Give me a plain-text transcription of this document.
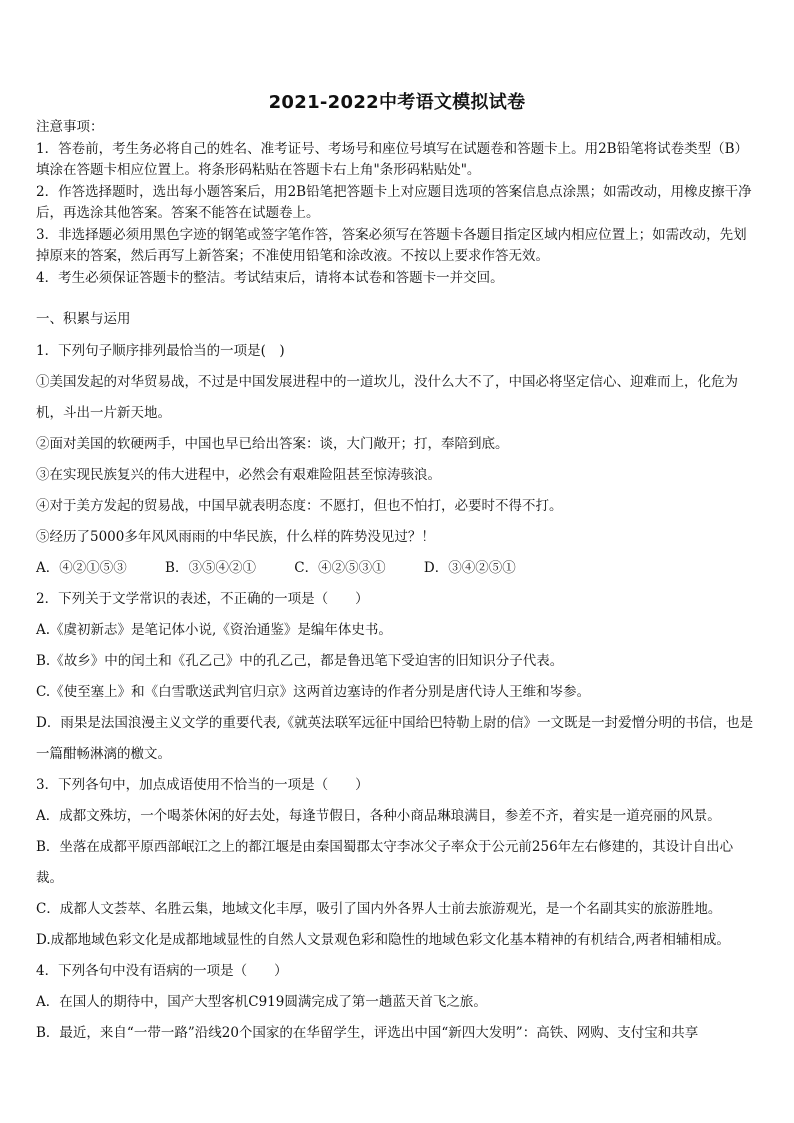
2021-2022中考语文模拟试卷

注意事项：

1．答卷前，考生务必将自己的姓名、准考证号、考场号和座位号填写在试题卷和答题卡上。用2B铅笔将试卷类型（B）填涂在答题卡相应位置上。将条形码粘贴在答题卡右上角"条形码粘贴处"。

2．作答选择题时，选出每小题答案后，用2B铅笔把答题卡上对应题目选项的答案信息点涂黑；如需改动，用橡皮擦干净后，再选涂其他答案。答案不能答在试题卷上。

3．非选择题必须用黑色字迹的钢笔或签字笔作答，答案必须写在答题卡各题目指定区域内相应位置上；如需改动，先划掉原来的答案，然后再写上新答案；不准使用铅笔和涂改液。不按以上要求作答无效。

4．考生必须保证答题卡的整洁。考试结束后，请将本试卷和答题卡一并交回。

一、积累与运用

1．下列句子顺序排列最恰当的一项是(　)

①美国发起的对华贸易战，不过是中国发展进程中的一道坎儿，没什么大不了，中国必将坚定信心、迎难而上，化危为机，斗出一片新天地。

②面对美国的软硬两手，中国也早已给出答案：谈，大门敞开；打，奉陪到底。

③在实现民族复兴的伟大进程中，必然会有艰难险阻甚至惊涛骇浪。

④对于美方发起的贸易战，中国早就表明态度：不愿打，但也不怕打，必要时不得不打。

⑤经历了5000多年风风雨雨的中华民族，什么样的阵势没见过？！

A．④②①⑤③	B．③⑤④②①	C．④②⑤③①	D．③④②⑤①

2．下列关于文学常识的表述，不正确的一项是（　　）

A.《虞初新志》是笔记体小说,《资治通鉴》是编年体史书。

B.《故乡》中的闰土和《孔乙己》中的孔乙己，都是鲁迅笔下受迫害的旧知识分子代表。

C.《使至塞上》和《白雪歌送武判官归京》这两首边塞诗的作者分别是唐代诗人王维和岑参。

D．雨果是法国浪漫主义文学的重要代表,《就英法联军远征中国给巴特勒上尉的信》一文既是一封爱憎分明的书信，也是一篇酣畅淋漓的檄文。

3．下列各句中，加点成语使用不恰当的一项是（　　）

A．成都文殊坊，一个喝茶休闲的好去处，每逢节假日，各种小商品琳琅满目，参差不齐，着实是一道亮丽的风景。

B．坐落在成都平原西部岷江之上的都江堰是由秦国蜀郡太守李冰父子率众于公元前256年左右修建的，其设计自出心裁。

C．成都人文荟萃、名胜云集，地域文化丰厚，吸引了国内外各界人士前去旅游观光，是一个名副其实的旅游胜地。

D.成都地域色彩文化是成都地域显性的自然人文景观色彩和隐性的地域色彩文化基本精神的有机结合,两者相辅相成。

4．下列各句中没有语病的一项是（　　）

A．在国人的期待中，国产大型客机C919圆满完成了第一趟蓝天首飞之旅。

B．最近，来自“一带一路”沿线20个国家的在华留学生，评选出中国“新四大发明”：高铁、网购、支付宝和共享
